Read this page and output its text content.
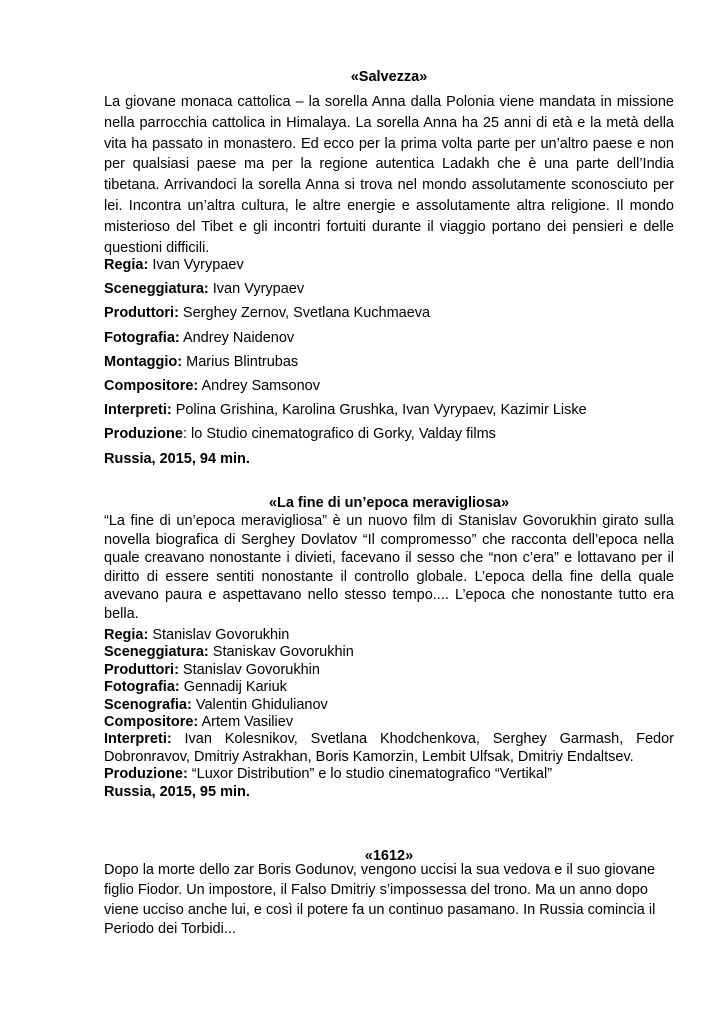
«Salvezza»

La giovane monaca cattolica – la sorella Anna dalla Polonia viene mandata in missione nella parrocchia cattolica in Himalaya. La sorella Anna ha 25 anni di età e la metà della vita ha passato in monastero. Ed ecco per la prima volta parte per un’altro paese e non per qualsiasi paese ma per la regione autentica Ladakh che è una parte dell’India tibetana. Arrivandoci la sorella Anna si trova nel mondo assolutamente sconosciuto per lei. Incontra un’altra cultura, le altre energie e assolutamente altra religione. Il mondo misterioso del Tibet e gli incontri fortuiti durante il viaggio portano dei pensieri e delle questioni difficili.

Regia: Ivan Vyrypaev

Sceneggiatura: Ivan Vyrypaev

Produttori: Serghey Zernov, Svetlana Kuchmaeva

Fotografia: Andrey Naidenov

Montaggio: Marius Blintrubas

Compositore: Andrey Samsonov

Interpreti: Polina Grishina, Karolina Grushka, Ivan Vyrypaev, Kazimir Liske

Produzione: lo Studio cinematografico di Gorky, Valday films

Russia, 2015, 94 min.

«La fine di un’epoca meravigliosa»

“La fine di un’epoca meravigliosa” è un nuovo film di Stanislav Govorukhin girato sulla novella biografica di Serghey Dovlatov “Il compromesso” che racconta dell’epoca nella quale creavano nonostante i divieti, facevano il sesso che “non c’era” e lottavano per il diritto di essere sentiti nonostante il controllo globale. L’epoca della fine della quale avevano paura e aspettavano nello stesso tempo.... L’epoca che nonostante tutto era bella.

Regia: Stanislav Govorukhin

Sceneggiatura: Staniskav Govorukhin

Produttori: Stanislav Govorukhin

Fotografia: Gennadij Kariuk

Scenografia: Valentin Ghidulianov

Compositore: Artem Vasiliev

Interpreti: Ivan Kolesnikov, Svetlana Khodchenkova, Serghey Garmash, Fedor Dobronravov, Dmitriy Astrakhan, Boris Kamorzin, Lembit Ulfsak, Dmitriy Endaltsev.

Produzione: “Luxor Distribution” e lo studio cinematografico “Vertikal”

Russia, 2015, 95 min.

«1612»

Dopo la morte dello zar Boris Godunov, vengono uccisi la sua vedova e il suo giovane figlio Fiodor. Un impostore, il Falso Dmitriy s’impossessa del trono. Ma un anno dopo viene ucciso anche lui, e così il potere fa un continuo pasamano. In Russia comincia il Periodo dei Torbidi...
